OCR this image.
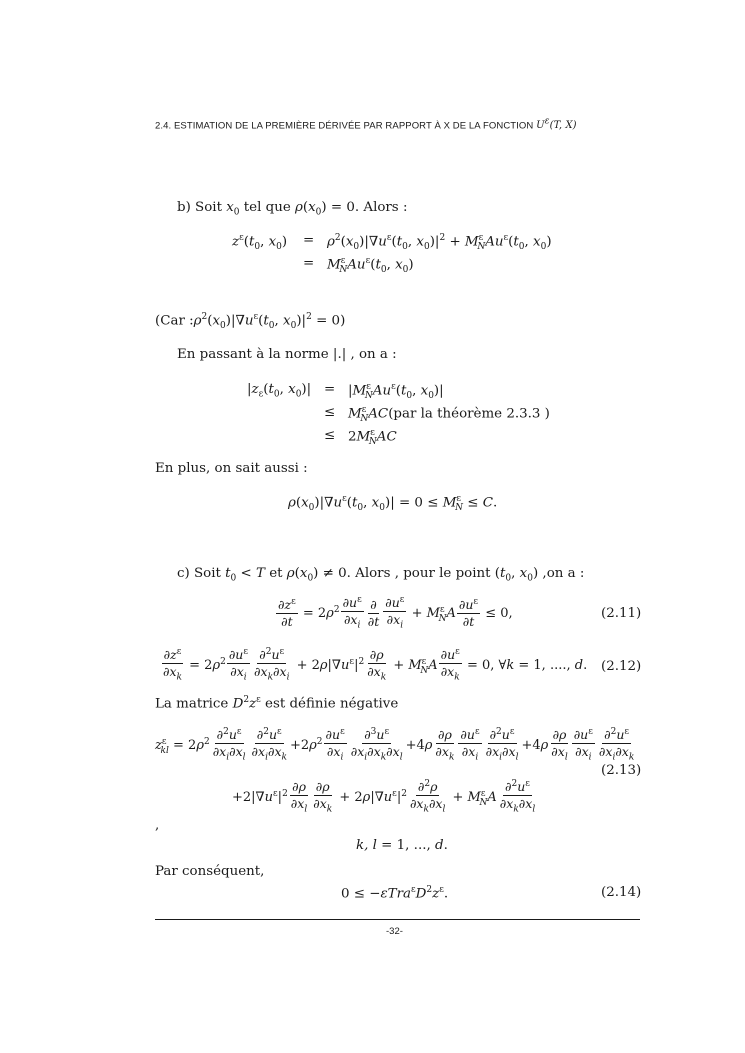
2.4. ESTIMATION DE LA PREMIÈRE DÉRIVÉE PAR RAPPORT À X DE LA FONCTION $U^\varepsilon(T$, X)
b) Soit $x_0$ tel que $\rho(x_0) = 0$. Alors :
$z^\varepsilon(t_0$, $x_0) = \rho^2(x_0)|\nabla u^\varepsilon(t_0$, $x_0)|^2 + M^\varepsilon_NAu^\varepsilon(t_0$, $x_0$)
= $M^\varepsilon_NAu^\varepsilon(t_0$, $x_0$)
(Car $:\rho^2(x_0)|\nabla u^\varepsilon(t_0$, $x_0)|^2 = 0$)
En passant à la norme |.| , on a :
$|z_\varepsilon(t_0$, $x_0)| = |M^\varepsilon_NAu^\varepsilon(t_0$, $x_0)|$
≤ $M^\varepsilon_NAC(par$ la théorème 2.3.3 )
≤ $2M^\varepsilon_NAC$
En plus, on sait aussi :
$\rho(x_0)|\nabla u^\varepsilon(t_0$, $x_0)| = 0 \le M^\varepsilon_N \le C$.
c) Soit $t_0 < T$ et $\rho(x_0) \ne 0$. Alors , pour le point ($t_0$, $x_0$) ,on a :
$\frac{\partial z^\varepsilon}{\partial t} = 2\rho^2 \frac{\partial u^\varepsilon}{\partial x_i} \frac{\partial}{\partial t} \frac{\partial u^\varepsilon}{\partial x_i} + M^\varepsilon_NA \frac{\partial u^\varepsilon}{\partial t} \le 0$,	(2.11)
$\frac{\partial z^\varepsilon}{\partial x_k} = 2\rho^2 \frac{\partial u^\varepsilon}{\partial x_i} \frac{\partial^2u^\varepsilon}{\partial x_k\partial x_i} + 2\rho|\nabla u^\varepsilon|^2 \frac{\partial\rho}{\partial x_k} + M^\varepsilon_NA \frac{\partial u^\varepsilon}{\partial x_k} = 0$, ∀k = 1, ...., d. (2.12)
La matrice $D^2z^\varepsilon$ est définie négative
$z^\varepsilon_{kl} = 2\rho^2 \frac{\partial^2u^\varepsilon}{\partial x_i\partial x_l} \frac{\partial^2u^\varepsilon}{\partial x_i\partial x_k} +2\rho^2 \frac{\partial u^\varepsilon}{\partial x_i} \frac{\partial^3u^\varepsilon}{\partial x_i\partial x_k\partial x_l} +4\rho \frac{\partial\rho}{\partial x_k} \frac{\partial u^\varepsilon}{\partial x_i} \frac{\partial^2u^\varepsilon}{\partial x_i\partial x_l} +4\rho \frac{\partial\rho}{\partial x_l} \frac{\partial u^\varepsilon}{\partial x_i} \frac{\partial^2u^\varepsilon}{\partial x_i\partial x_k}$
(2.13)
$+2|\nabla u^\varepsilon|^2 \frac{\partial\rho}{\partial x_l} \frac{\partial\rho}{\partial x_k} + 2\rho|\nabla u^\varepsilon|^2 \frac{\partial^2\rho}{\partial x_k\partial x_l} + M^\varepsilon_NA \frac{\partial^2u^\varepsilon}{\partial x_k\partial x_l}$
,
k, l = 1, ..., d.
Par conséquent,
$0 \le -\varepsilon Tra^\varepsilon D^2z^\varepsilon$.	(2.14)
-32-
